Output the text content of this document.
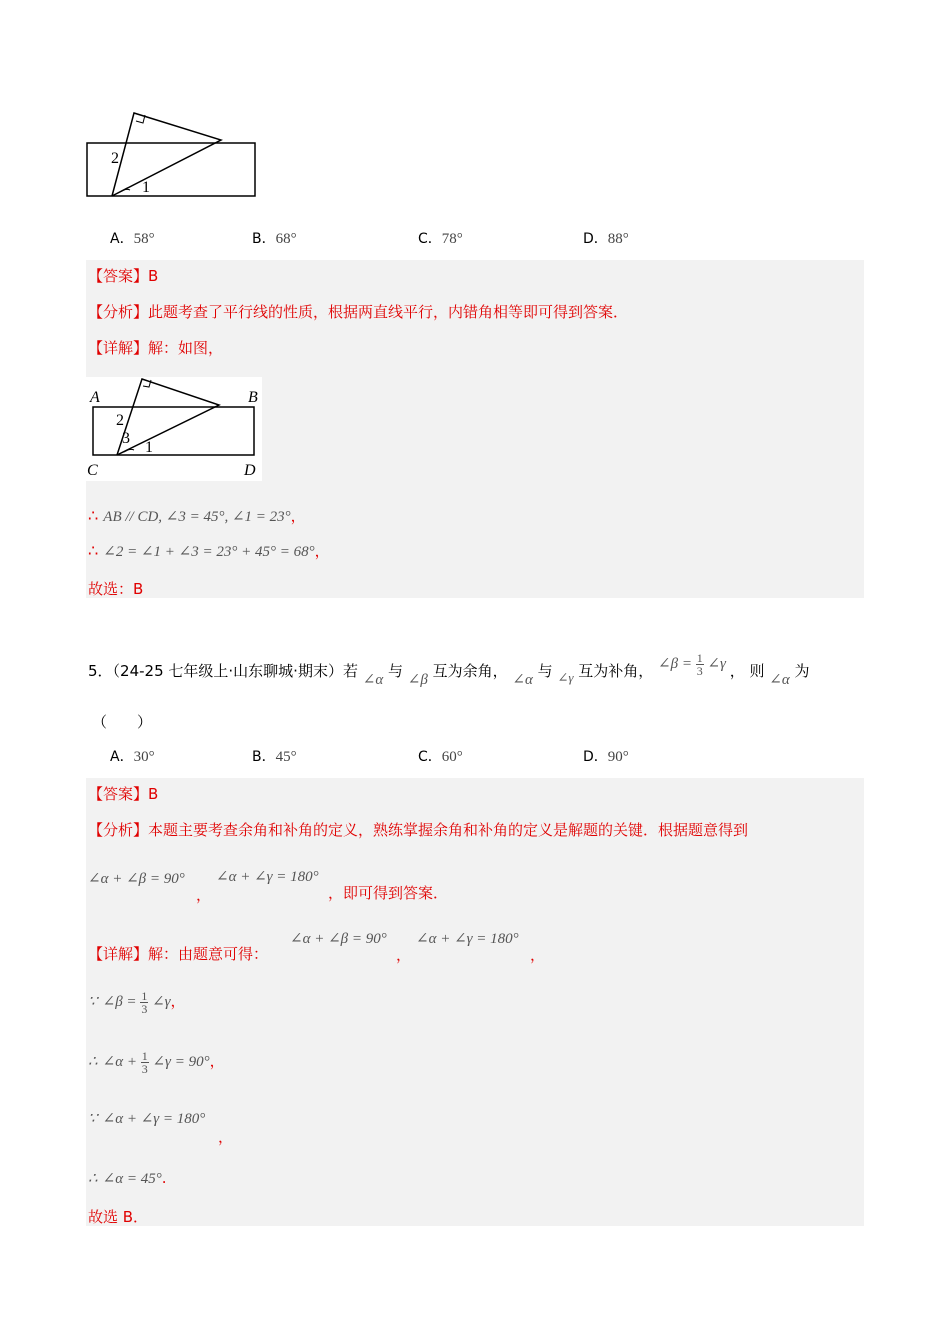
1
2
A．58°	B．68°	C．78°	D．88°
【答案】B
【分析】此题考查了平行线的性质，根据两直线平行，内错角相等即可得到答案．
【详解】解：如图，
A	B
C	D
1
2
3
∴ AB // CD, ∠3 = 45°, ∠1 = 23°，
∴ ∠2 = ∠1 + ∠3 = 23° + 45° = 68°，
故选：B
5．（24-25 七年级上·山东聊城·期末）若 ∠α 与 ∠β 互为余角， ∠α 与 ∠γ 互为补角， ∠β = $\frac{1}{3}$ ∠γ ， 则 ∠α 为
（　　）
A．30°	B．45°	C．60°	D．90°
【答案】B
【分析】本题主要考查余角和补角的定义，熟练掌握余角和补角的定义是解题的关键．根据题意得到
∠α + ∠β = 90°
，
∠α + ∠γ = 180°
，即可得到答案．
【详解】解：由题意可得：
∠α + ∠β = 90°
，
∠α + ∠γ = 180°
，
∵ ∠β = $\frac{1}{3}$ ∠γ，
∴ ∠α + $\frac{1}{3}$ ∠γ = 90°，
∵ ∠α + ∠γ = 180°
，
∴ ∠α = 45°.
故选 B．
